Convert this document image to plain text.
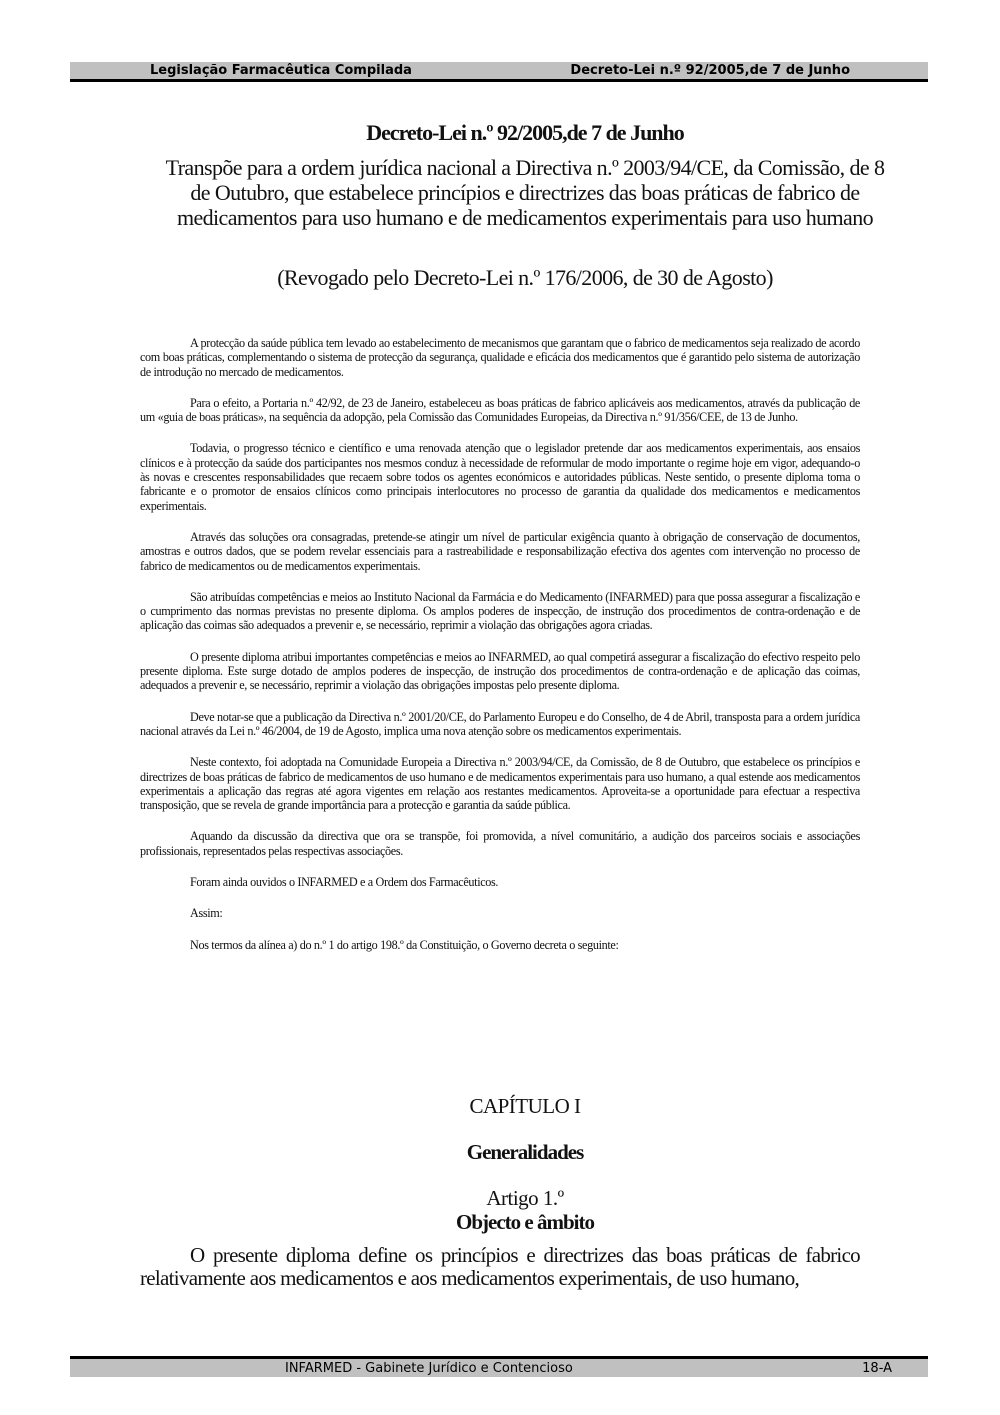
Legislação Farmacêutica Compilada	Decreto-Lei n.º 92/2005,de 7 de Junho
Decreto-Lei n.º 92/2005,de 7 de Junho
Transpõe para a ordem jurídica nacional a Directiva n.º 2003/94/CE, da Comissão, de 8 de Outubro, que estabelece princípios e directrizes das boas práticas de fabrico de medicamentos para uso humano e de medicamentos experimentais para uso humano
(Revogado pelo Decreto-Lei n.º 176/2006, de 30 de Agosto)

A protecção da saúde pública tem levado ao estabelecimento de mecanismos que garantam que o fabrico de medicamentos seja realizado de acordo com boas práticas, complementando o sistema de protecção da segurança, qualidade e eficácia dos medicamentos que é garantido pelo sistema de autorização de introdução no mercado de medicamentos.

Para o efeito, a Portaria n.º 42/92, de 23 de Janeiro, estabeleceu as boas práticas de fabrico aplicáveis aos medicamentos, através da publicação de um «guia de boas práticas», na sequência da adopção, pela Comissão das Comunidades Europeias, da Directiva n.º 91/356/CEE, de 13 de Junho.

Todavia, o progresso técnico e científico e uma renovada atenção que o legislador pretende dar aos medicamentos experimentais, aos ensaios clínicos e à protecção da saúde dos participantes nos mesmos conduz à necessidade de reformular de modo importante o regime hoje em vigor, adequando-o às novas e crescentes responsabilidades que recaem sobre todos os agentes económicos e autoridades públicas. Neste sentido, o presente diploma toma o fabricante e o promotor de ensaios clínicos como principais interlocutores no processo de garantia da qualidade dos medicamentos e medicamentos experimentais.

Através das soluções ora consagradas, pretende-se atingir um nível de particular exigência quanto à obrigação de conservação de documentos, amostras e outros dados, que se podem revelar essenciais para a rastreabilidade e responsabilização efectiva dos agentes com intervenção no processo de fabrico de medicamentos ou de medicamentos experimentais.

São atribuídas competências e meios ao Instituto Nacional da Farmácia e do Medicamento (INFARMED) para que possa assegurar a fiscalização e o cumprimento das normas previstas no presente diploma. Os amplos poderes de inspecção, de instrução dos procedimentos de contra-ordenação e de aplicação das coimas são adequados a prevenir e, se necessário, reprimir a violação das obrigações agora criadas.

O presente diploma atribui importantes competências e meios ao INFARMED, ao qual competirá assegurar a fiscalização do efectivo respeito pelo presente diploma. Este surge dotado de amplos poderes de inspecção, de instrução dos procedimentos de contra-ordenação e de aplicação das coimas, adequados a prevenir e, se necessário, reprimir a violação das obrigações impostas pelo presente diploma.

Deve notar-se que a publicação da Directiva n.º 2001/20/CE, do Parlamento Europeu e do Conselho, de 4 de Abril, transposta para a ordem jurídica nacional através da Lei n.º 46/2004, de 19 de Agosto, implica uma nova atenção sobre os medicamentos experimentais.

Neste contexto, foi adoptada na Comunidade Europeia a Directiva n.º 2003/94/CE, da Comissão, de 8 de Outubro, que estabelece os princípios e directrizes de boas práticas de fabrico de medicamentos de uso humano e de medicamentos experimentais para uso humano, a qual estende aos medicamentos experimentais a aplicação das regras até agora vigentes em relação aos restantes medicamentos. Aproveita-se a oportunidade para efectuar a respectiva transposição, que se revela de grande importância para a protecção e garantia da saúde pública.

Aquando da discussão da directiva que ora se transpõe, foi promovida, a nível comunitário, a audição dos parceiros sociais e associações profissionais, representados pelas respectivas associações.

Foram ainda ouvidos o INFARMED e a Ordem dos Farmacêuticos.

Assim:

Nos termos da alínea a) do n.º 1 do artigo 198.º da Constituição, o Governo decreta o seguinte:

CAPÍTULO I
Generalidades
Artigo 1.º
Objecto e âmbito
O presente diploma define os princípios e directrizes das boas práticas de fabrico relativamente aos medicamentos e aos medicamentos experimentais, de uso humano,
INFARMED - Gabinete Jurídico e Contencioso	18-A
